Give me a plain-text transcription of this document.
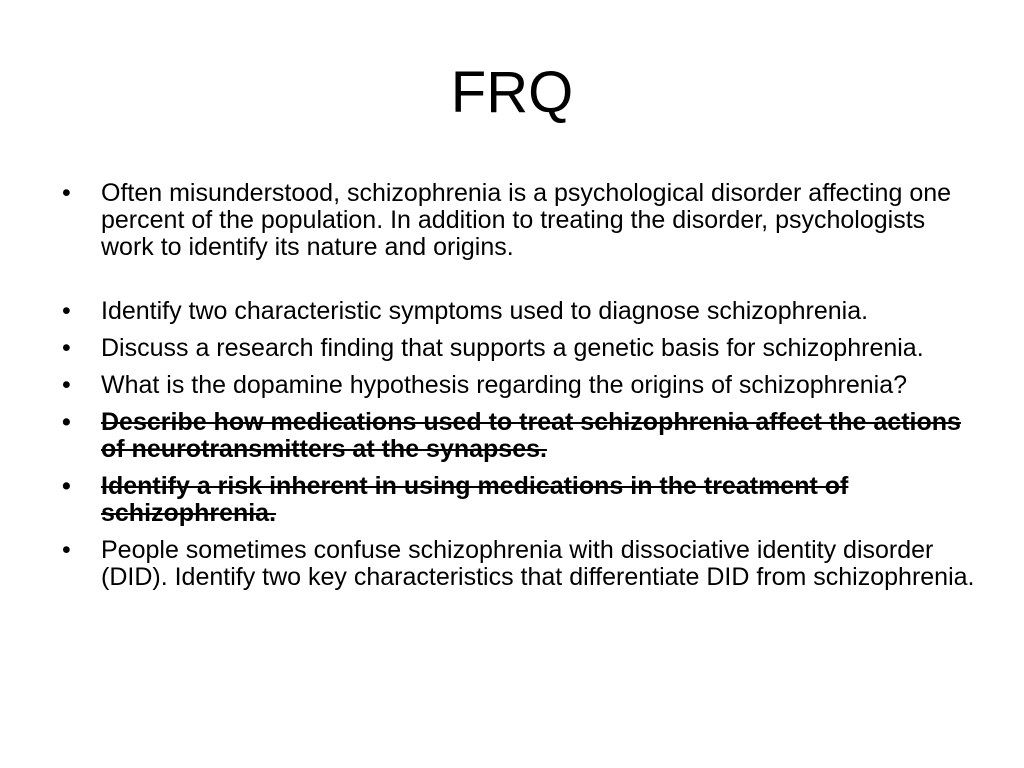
FRQ
•	Often misunderstood, schizophrenia is a psychological disorder affecting one percent of the population. In addition to treating the disorder, psychologists work to identify its nature and origins.
•	Identify two characteristic symptoms used to diagnose schizophrenia.
•	Discuss a research finding that supports a genetic basis for schizophrenia.
•	What is the dopamine hypothesis regarding the origins of schizophrenia?
•	Describe how medications used to treat schizophrenia affect the actions of neurotransmitters at the synapses.
•	Identify a risk inherent in using medications in the treatment of schizophrenia.
•	People sometimes confuse schizophrenia with dissociative identity disorder (DID). Identify two key characteristics that differentiate DID from schizophrenia.
